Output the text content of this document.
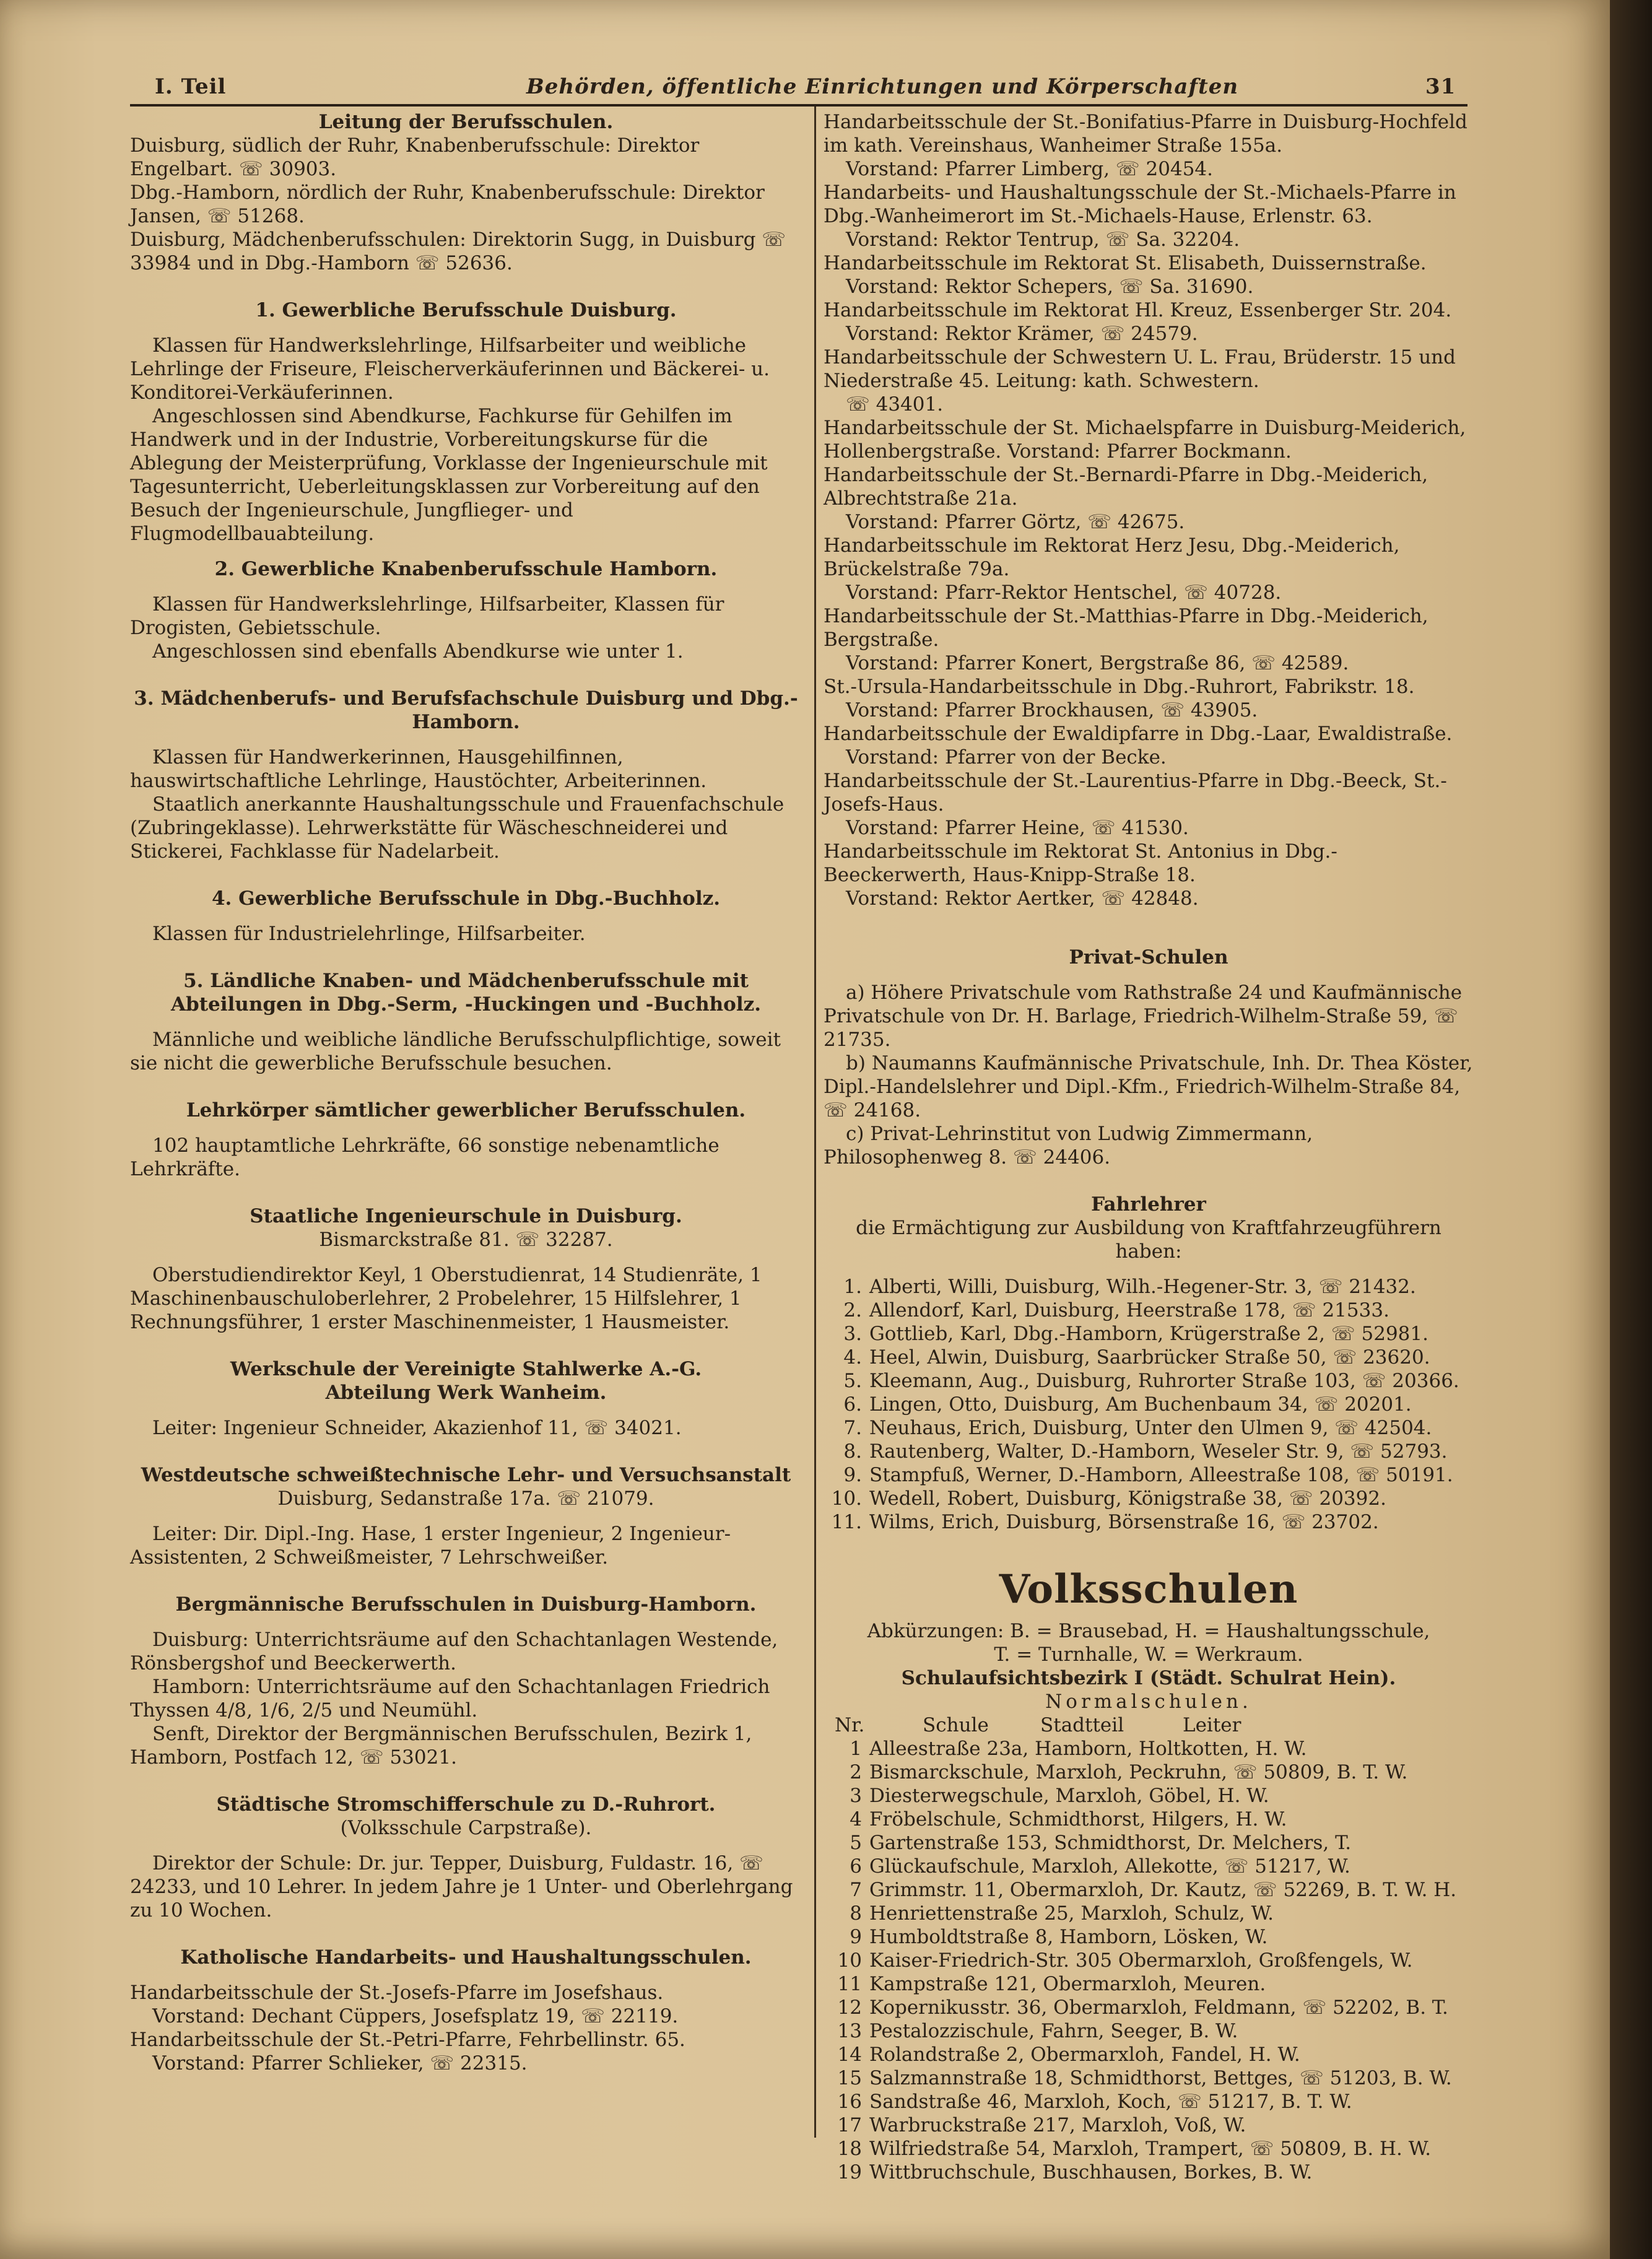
I. Teil	Behörden, öffentliche Einrichtungen und Körperschaften	31

Leitung der Berufsschulen.

Duisburg, südlich der Ruhr, Knabenberufsschule: Direktor Engelbart. ☏ 30903.

Dbg.-Hamborn, nördlich der Ruhr, Knabenberufsschule: Direktor Jansen, ☏ 51268.

Duisburg, Mädchenberufsschulen: Direktorin Sugg, in Duisburg ☏ 33984 und in Dbg.-Hamborn ☏ 52636.

1. Gewerbliche Berufsschule Duisburg.

Klassen für Handwerkslehrlinge, Hilfsarbeiter und weibliche Lehrlinge der Friseure, Fleischerverkäuferinnen und Bäckerei- u. Konditorei-Verkäuferinnen.

Angeschlossen sind Abendkurse, Fachkurse für Gehilfen im Handwerk und in der Industrie, Vorbereitungskurse für die Ablegung der Meisterprüfung, Vorklasse der Ingenieurschule mit Tagesunterricht, Ueberleitungsklassen zur Vorbereitung auf den Besuch der Ingenieurschule, Jungflieger- und Flugmodellbauabteilung.

2. Gewerbliche Knabenberufsschule Hamborn.

Klassen für Handwerkslehrlinge, Hilfsarbeiter, Klassen für Drogisten, Gebietsschule.

Angeschlossen sind ebenfalls Abendkurse wie unter 1.

3. Mädchenberufs- und Berufsfachschule Duisburg und Dbg.-Hamborn.

Klassen für Handwerkerinnen, Hausgehilfinnen, hauswirtschaftliche Lehrlinge, Haustöchter, Arbeiterinnen.

Staatlich anerkannte Haushaltungsschule und Frauenfachschule (Zubringeklasse). Lehrwerkstätte für Wäscheschneiderei und Stickerei, Fachklasse für Nadelarbeit.

4. Gewerbliche Berufsschule in Dbg.-Buchholz.

Klassen für Industrielehrlinge, Hilfsarbeiter.

5. Ländliche Knaben- und Mädchenberufsschule mit Abteilungen in Dbg.-Serm, -Huckingen und -Buchholz.

Männliche und weibliche ländliche Berufsschulpflichtige, soweit sie nicht die gewerbliche Berufsschule besuchen.

Lehrkörper sämtlicher gewerblicher Berufsschulen.

102 hauptamtliche Lehrkräfte, 66 sonstige nebenamtliche Lehrkräfte.

Staatliche Ingenieurschule in Duisburg.

Bismarckstraße 81. ☏ 32287.

Oberstudiendirektor Keyl, 1 Oberstudienrat, 14 Studienräte, 1 Maschinenbauschuloberlehrer, 2 Probelehrer, 15 Hilfslehrer, 1 Rechnungsführer, 1 erster Maschinenmeister, 1 Hausmeister.

Werkschule der Vereinigte Stahlwerke A.-G.

Abteilung Werk Wanheim.

Leiter: Ingenieur Schneider, Akazienhof 11, ☏ 34021.

Westdeutsche schweißtechnische Lehr- und Versuchsanstalt

Duisburg, Sedanstraße 17a. ☏ 21079.

Leiter: Dir. Dipl.-Ing. Hase, 1 erster Ingenieur, 2 Ingenieur-Assistenten, 2 Schweißmeister, 7 Lehrschweißer.

Bergmännische Berufsschulen in Duisburg-Hamborn.

Duisburg: Unterrichtsräume auf den Schachtanlagen Westende, Rönsbergshof und Beeckerwerth.

Hamborn: Unterrichtsräume auf den Schachtanlagen Friedrich Thyssen 4/8, 1/6, 2/5 und Neumühl.

Senft, Direktor der Bergmännischen Berufsschulen, Bezirk 1, Hamborn, Postfach 12, ☏ 53021.

Städtische Stromschifferschule zu D.-Ruhrort.

(Volksschule Carpstraße).

Direktor der Schule: Dr. jur. Tepper, Duisburg, Fuldastr. 16, ☏ 24233, und 10 Lehrer. In jedem Jahre je 1 Unter- und Oberlehrgang zu 10 Wochen.

Katholische Handarbeits- und Haushaltungsschulen.

Handarbeitsschule der St.-Josefs-Pfarre im Josefshaus.

Vorstand: Dechant Cüppers, Josefsplatz 19, ☏ 22119.

Handarbeitsschule der St.-Petri-Pfarre, Fehrbellinstr. 65.

Vorstand: Pfarrer Schlieker, ☏ 22315.

Handarbeitsschule der St.-Bonifatius-Pfarre in Duisburg-Hochfeld im kath. Vereinshaus, Wanheimer Straße 155a.

Vorstand: Pfarrer Limberg, ☏ 20454.

Handarbeits- und Haushaltungsschule der St.-Michaels-Pfarre in Dbg.-Wanheimerort im St.-Michaels-Hause, Erlenstr. 63.

Vorstand: Rektor Tentrup, ☏ Sa. 32204.

Handarbeitsschule im Rektorat St. Elisabeth, Duissernstraße.

Vorstand: Rektor Schepers, ☏ Sa. 31690.

Handarbeitsschule im Rektorat Hl. Kreuz, Essenberger Str. 204.

Vorstand: Rektor Krämer, ☏ 24579.

Handarbeitsschule der Schwestern U. L. Frau, Brüderstr. 15 und Niederstraße 45. Leitung: kath. Schwestern.

☏ 43401.

Handarbeitsschule der St. Michaelspfarre in Duisburg-Meiderich, Hollenbergstraße. Vorstand: Pfarrer Bockmann.

Handarbeitsschule der St.-Bernardi-Pfarre in Dbg.-Meiderich, Albrechtstraße 21a.

Vorstand: Pfarrer Görtz, ☏ 42675.

Handarbeitsschule im Rektorat Herz Jesu, Dbg.-Meiderich, Brückelstraße 79a.

Vorstand: Pfarr-Rektor Hentschel, ☏ 40728.

Handarbeitsschule der St.-Matthias-Pfarre in Dbg.-Meiderich, Bergstraße.

Vorstand: Pfarrer Konert, Bergstraße 86, ☏ 42589.

St.-Ursula-Handarbeitsschule in Dbg.-Ruhrort, Fabrikstr. 18.

Vorstand: Pfarrer Brockhausen, ☏ 43905.

Handarbeitsschule der Ewaldipfarre in Dbg.-Laar, Ewaldistraße.

Vorstand: Pfarrer von der Becke.

Handarbeitsschule der St.-Laurentius-Pfarre in Dbg.-Beeck, St.-Josefs-Haus.

Vorstand: Pfarrer Heine, ☏ 41530.

Handarbeitsschule im Rektorat St. Antonius in Dbg.-Beeckerwerth, Haus-Knipp-Straße 18.

Vorstand: Rektor Aertker, ☏ 42848.

Privat-Schulen

a) Höhere Privatschule vom Rathstraße 24 und Kaufmännische Privatschule von Dr. H. Barlage, Friedrich-Wilhelm-Straße 59, ☏ 21735.

b) Naumanns Kaufmännische Privatschule, Inh. Dr. Thea Köster, Dipl.-Handelslehrer und Dipl.-Kfm., Friedrich-Wilhelm-Straße 84, ☏ 24168.

c) Privat-Lehrinstitut von Ludwig Zimmermann, Philosophenweg 8. ☏ 24406.

Fahrlehrer

die Ermächtigung zur Ausbildung von Kraftfahrzeugführern

haben:

1.	Alberti, Willi, Duisburg, Wilh.-Hegener-Str. 3, ☏ 21432.
2.	Allendorf, Karl, Duisburg, Heerstraße 178, ☏ 21533.
3.	Gottlieb, Karl, Dbg.-Hamborn, Krügerstraße 2, ☏ 52981.
4.	Heel, Alwin, Duisburg, Saarbrücker Straße 50, ☏ 23620.
5.	Kleemann, Aug., Duisburg, Ruhrorter Straße 103, ☏ 20366.
6.	Lingen, Otto, Duisburg, Am Buchenbaum 34, ☏ 20201.
7.	Neuhaus, Erich, Duisburg, Unter den Ulmen 9, ☏ 42504.
8.	Rautenberg, Walter, D.-Hamborn, Weseler Str. 9, ☏ 52793.
9.	Stampfuß, Werner, D.-Hamborn, Alleestraße 108, ☏ 50191.
10.	Wedell, Robert, Duisburg, Königstraße 38, ☏ 20392.
11.	Wilms, Erich, Duisburg, Börsenstraße 16, ☏ 23702.
Volksschulen

Abkürzungen: B. = Brausebad, H. = Haushaltungsschule,

T. = Turnhalle, W. = Werkraum.

Schulaufsichtsbezirk I (Städt. Schulrat Hein).

Normalschulen.

Nr.	Schule	Stadtteil	Leiter
1	Alleestraße 23a, Hamborn, Holtkotten, H. W.
2	Bismarckschule, Marxloh, Peckruhn, ☏ 50809, B. T. W.
3	Diesterwegschule, Marxloh, Göbel, H. W.
4	Fröbelschule, Schmidthorst, Hilgers, H. W.
5	Gartenstraße 153, Schmidthorst, Dr. Melchers, T.
6	Glückaufschule, Marxloh, Allekotte, ☏ 51217, W.
7	Grimmstr. 11, Obermarxloh, Dr. Kautz, ☏ 52269, B. T. W. H.
8	Henriettenstraße 25, Marxloh, Schulz, W.
9	Humboldtstraße 8, Hamborn, Lösken, W.
10	Kaiser-Friedrich-Str. 305 Obermarxloh, Großfengels, W.
11	Kampstraße 121, Obermarxloh, Meuren.
12	Kopernikusstr. 36, Obermarxloh, Feldmann, ☏ 52202, B. T.
13	Pestalozzischule, Fahrn, Seeger, B. W.
14	Rolandstraße 2, Obermarxloh, Fandel, H. W.
15	Salzmannstraße 18, Schmidthorst, Bettges, ☏ 51203, B. W.
16	Sandstraße 46, Marxloh, Koch, ☏ 51217, B. T. W.
17	Warbruckstraße 217, Marxloh, Voß, W.
18	Wilfriedstraße 54, Marxloh, Trampert, ☏ 50809, B. H. W.
19	Wittbruchschule, Buschhausen, Borkes, B. W.
